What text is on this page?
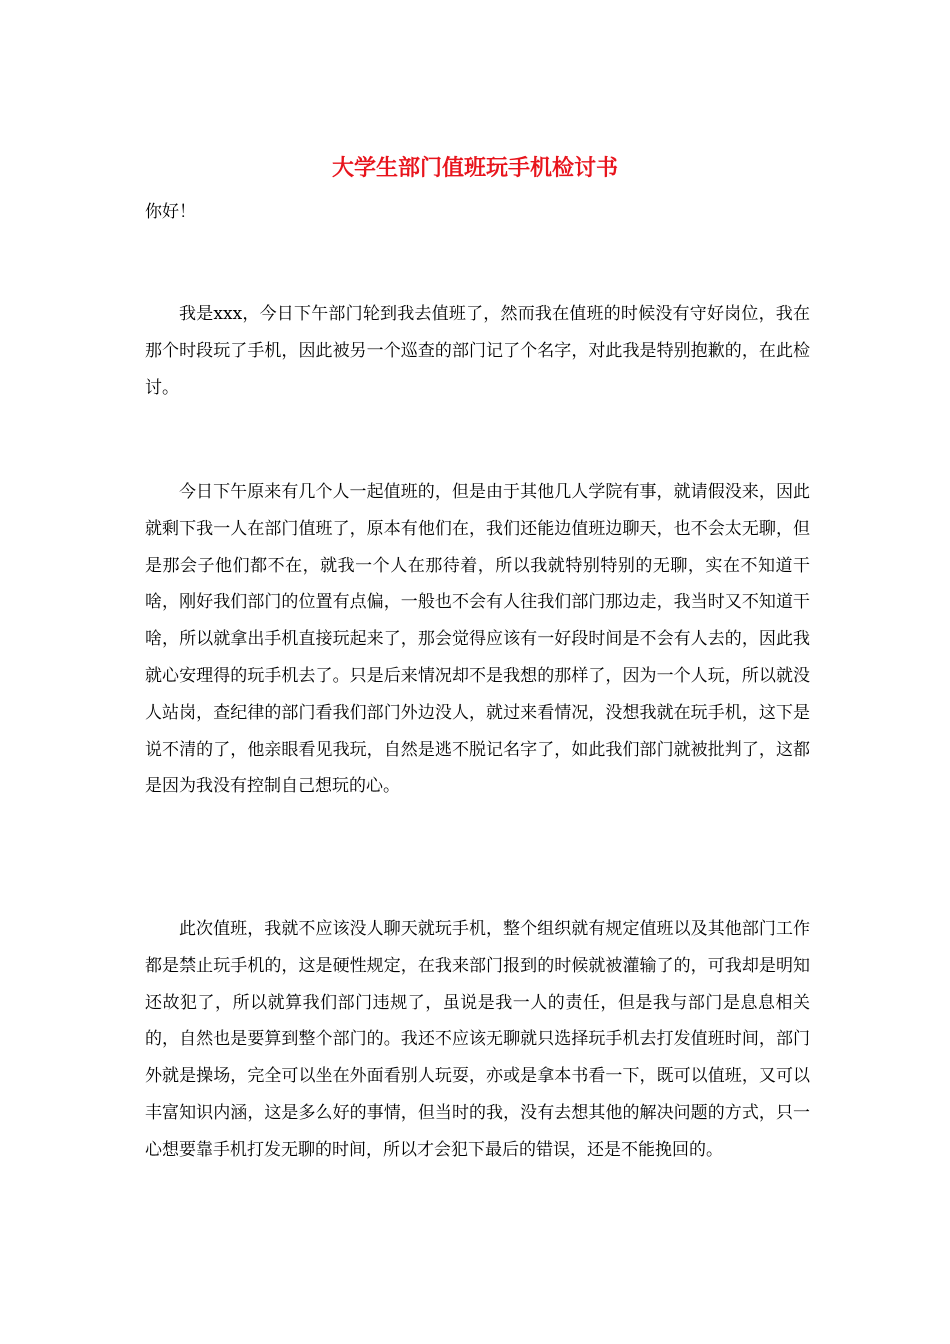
大学生部门值班玩手机检讨书

你好！

我是xxx，今日下午部门轮到我去值班了，然而我在值班的时候没有守好岗位，我在那个时段玩了手机，因此被另一个巡查的部门记了个名字，对此我是特别抱歉的，在此检讨。

今日下午原来有几个人一起值班的，但是由于其他几人学院有事，就请假没来，因此就剩下我一人在部门值班了，原本有他们在，我们还能边值班边聊天，也不会太无聊，但是那会子他们都不在，就我一个人在那待着，所以我就特别特别的无聊，实在不知道干啥，刚好我们部门的位置有点偏，一般也不会有人往我们部门那边走，我当时又不知道干啥，所以就拿出手机直接玩起来了，那会觉得应该有一好段时间是不会有人去的，因此我就心安理得的玩手机去了。只是后来情况却不是我想的那样了，因为一个人玩，所以就没人站岗，查纪律的部门看我们部门外边没人，就过来看情况，没想我就在玩手机，这下是说不清的了，他亲眼看见我玩，自然是逃不脱记名字了，如此我们部门就被批判了，这都是因为我没有控制自己想玩的心。

此次值班，我就不应该没人聊天就玩手机，整个组织就有规定值班以及其他部门工作都是禁止玩手机的，这是硬性规定，在我来部门报到的时候就被灌输了的，可我却是明知还故犯了，所以就算我们部门违规了，虽说是我一人的责任，但是我与部门是息息相关的，自然也是要算到整个部门的。我还不应该无聊就只选择玩手机去打发值班时间，部门外就是操场，完全可以坐在外面看别人玩耍，亦或是拿本书看一下，既可以值班，又可以丰富知识内涵，这是多么好的事情，但当时的我，没有去想其他的解决问题的方式，只一心想要靠手机打发无聊的时间，所以才会犯下最后的错误，还是不能挽回的。
